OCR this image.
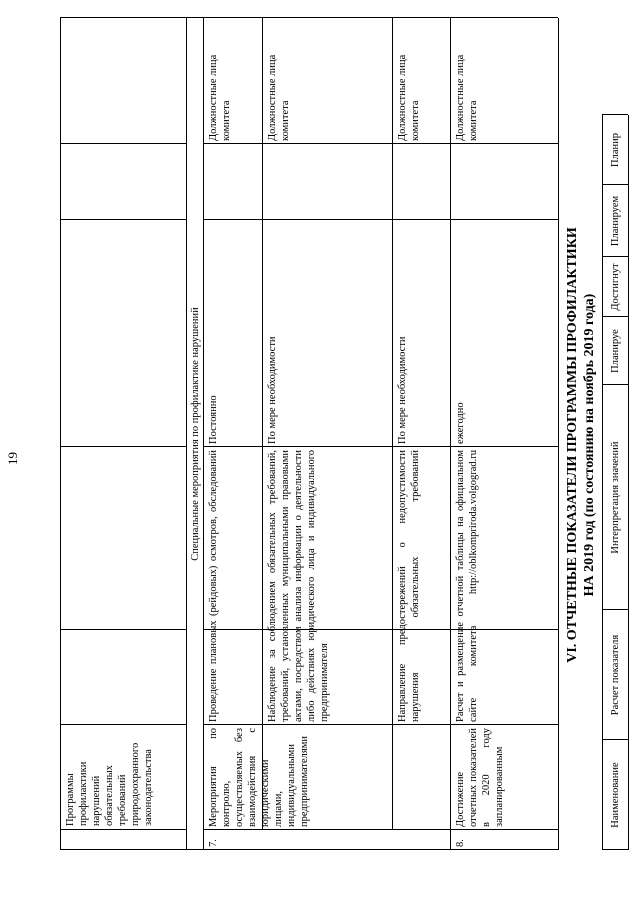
19
Программы профилактики нарушений обязательных требований природоохранного законодательства
Специальные мероприятия по профилактике нарушений
7.
Мероприятия по контролю, осуществляемых без взаимодействия с юридическими лицами, индивидуальными предпринимателями
Проведение плановых (рейдовых) осмотров, обследований
Постоянно
Должностные лица комитета
Наблюдение за соблюдением обязательных требований, требований, установленных муниципальными правовыми актами, посредством анализа информации о деятельности либо действиях юридического лица и индивидуального предпринимателя
По мере необходимости
Должностные лица комитета
Направление предостережений о недопустимости нарушения обязательных требований
По мере необходимости
Должностные лица комитета
8.
Достижение отчетных показателей в 2020 году запланированным
Расчет и размещение отчетной таблицы на официальном сайте комитета http://oblkompriroda.volgograd.ru
ежегодно
Должностные лица комитета
VI. ОТЧЕТНЫЕ ПОКАЗАТЕЛИ ПРОГРАММЫ ПРОФИЛАКТИКИ НА 2019 год (по состоянию на ноябрь 2019 года)
Наименование
Расчет показателя
Интерпретация значений
Планируе
Достигнут
Планируем
Планир
